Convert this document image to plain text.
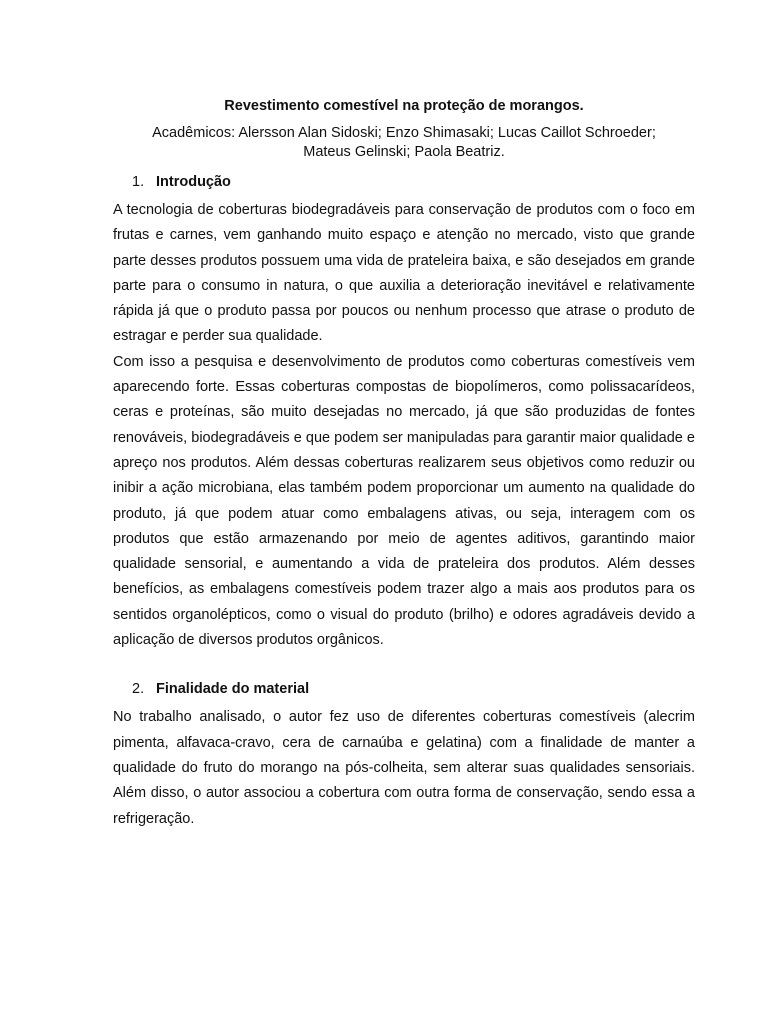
Revestimento comestível na proteção de morangos.
Acadêmicos: Alersson Alan Sidoski; Enzo Shimasaki; Lucas Caillot Schroeder;
Mateus Gelinski; Paola Beatriz.
1. Introdução

A tecnologia de coberturas biodegradáveis para conservação de produtos com o foco em frutas e carnes, vem ganhando muito espaço e atenção no mercado, visto que grande parte desses produtos possuem uma vida de prateleira baixa, e são desejados em grande parte para o consumo in natura, o que auxilia a deterioração inevitável e relativamente rápida já que o produto passa por poucos ou nenhum processo que atrase o produto de estragar e perder sua qualidade.

Com isso a pesquisa e desenvolvimento de produtos como coberturas comestíveis vem aparecendo forte. Essas coberturas compostas de biopolímeros, como polissacarídeos, ceras e proteínas, são muito desejadas no mercado, já que são produzidas de fontes renováveis, biodegradáveis e que podem ser manipuladas para garantir maior qualidade e apreço nos produtos. Além dessas coberturas realizarem seus objetivos como reduzir ou inibir a ação microbiana, elas também podem proporcionar um aumento na qualidade do produto, já que podem atuar como embalagens ativas, ou seja, interagem com os produtos que estão armazenando por meio de agentes aditivos, garantindo maior qualidade sensorial, e aumentando a vida de prateleira dos produtos. Além desses benefícios, as embalagens comestíveis podem trazer algo a mais aos produtos para os sentidos organolépticos, como o visual do produto (brilho) e odores agradáveis devido a aplicação de diversos produtos orgânicos.

2. Finalidade do material

No trabalho analisado, o autor fez uso de diferentes coberturas comestíveis (alecrim pimenta, alfavaca-cravo, cera de carnaúba e gelatina) com a finalidade de manter a qualidade do fruto do morango na pós-colheita, sem alterar suas qualidades sensoriais. Além disso, o autor associou a cobertura com outra forma de conservação, sendo essa a refrigeração.
